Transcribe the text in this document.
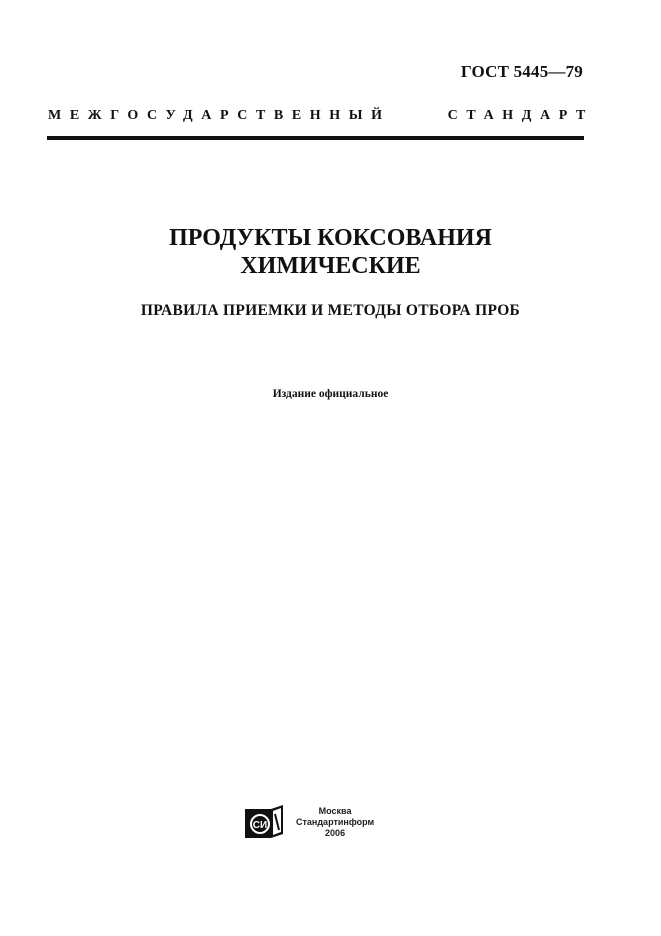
ГОСТ 5445—79
МЕЖГОСУДАРСТВЕННЫЙ	СТАНДАРТ
ПРОДУКТЫ КОКСОВАНИЯ
ХИМИЧЕСКИЕ
ПРАВИЛА ПРИЕМКИ И МЕТОДЫ ОТБОРА ПРОБ
Издание официальное
СИ
Москва
Стандартинформ
2006
